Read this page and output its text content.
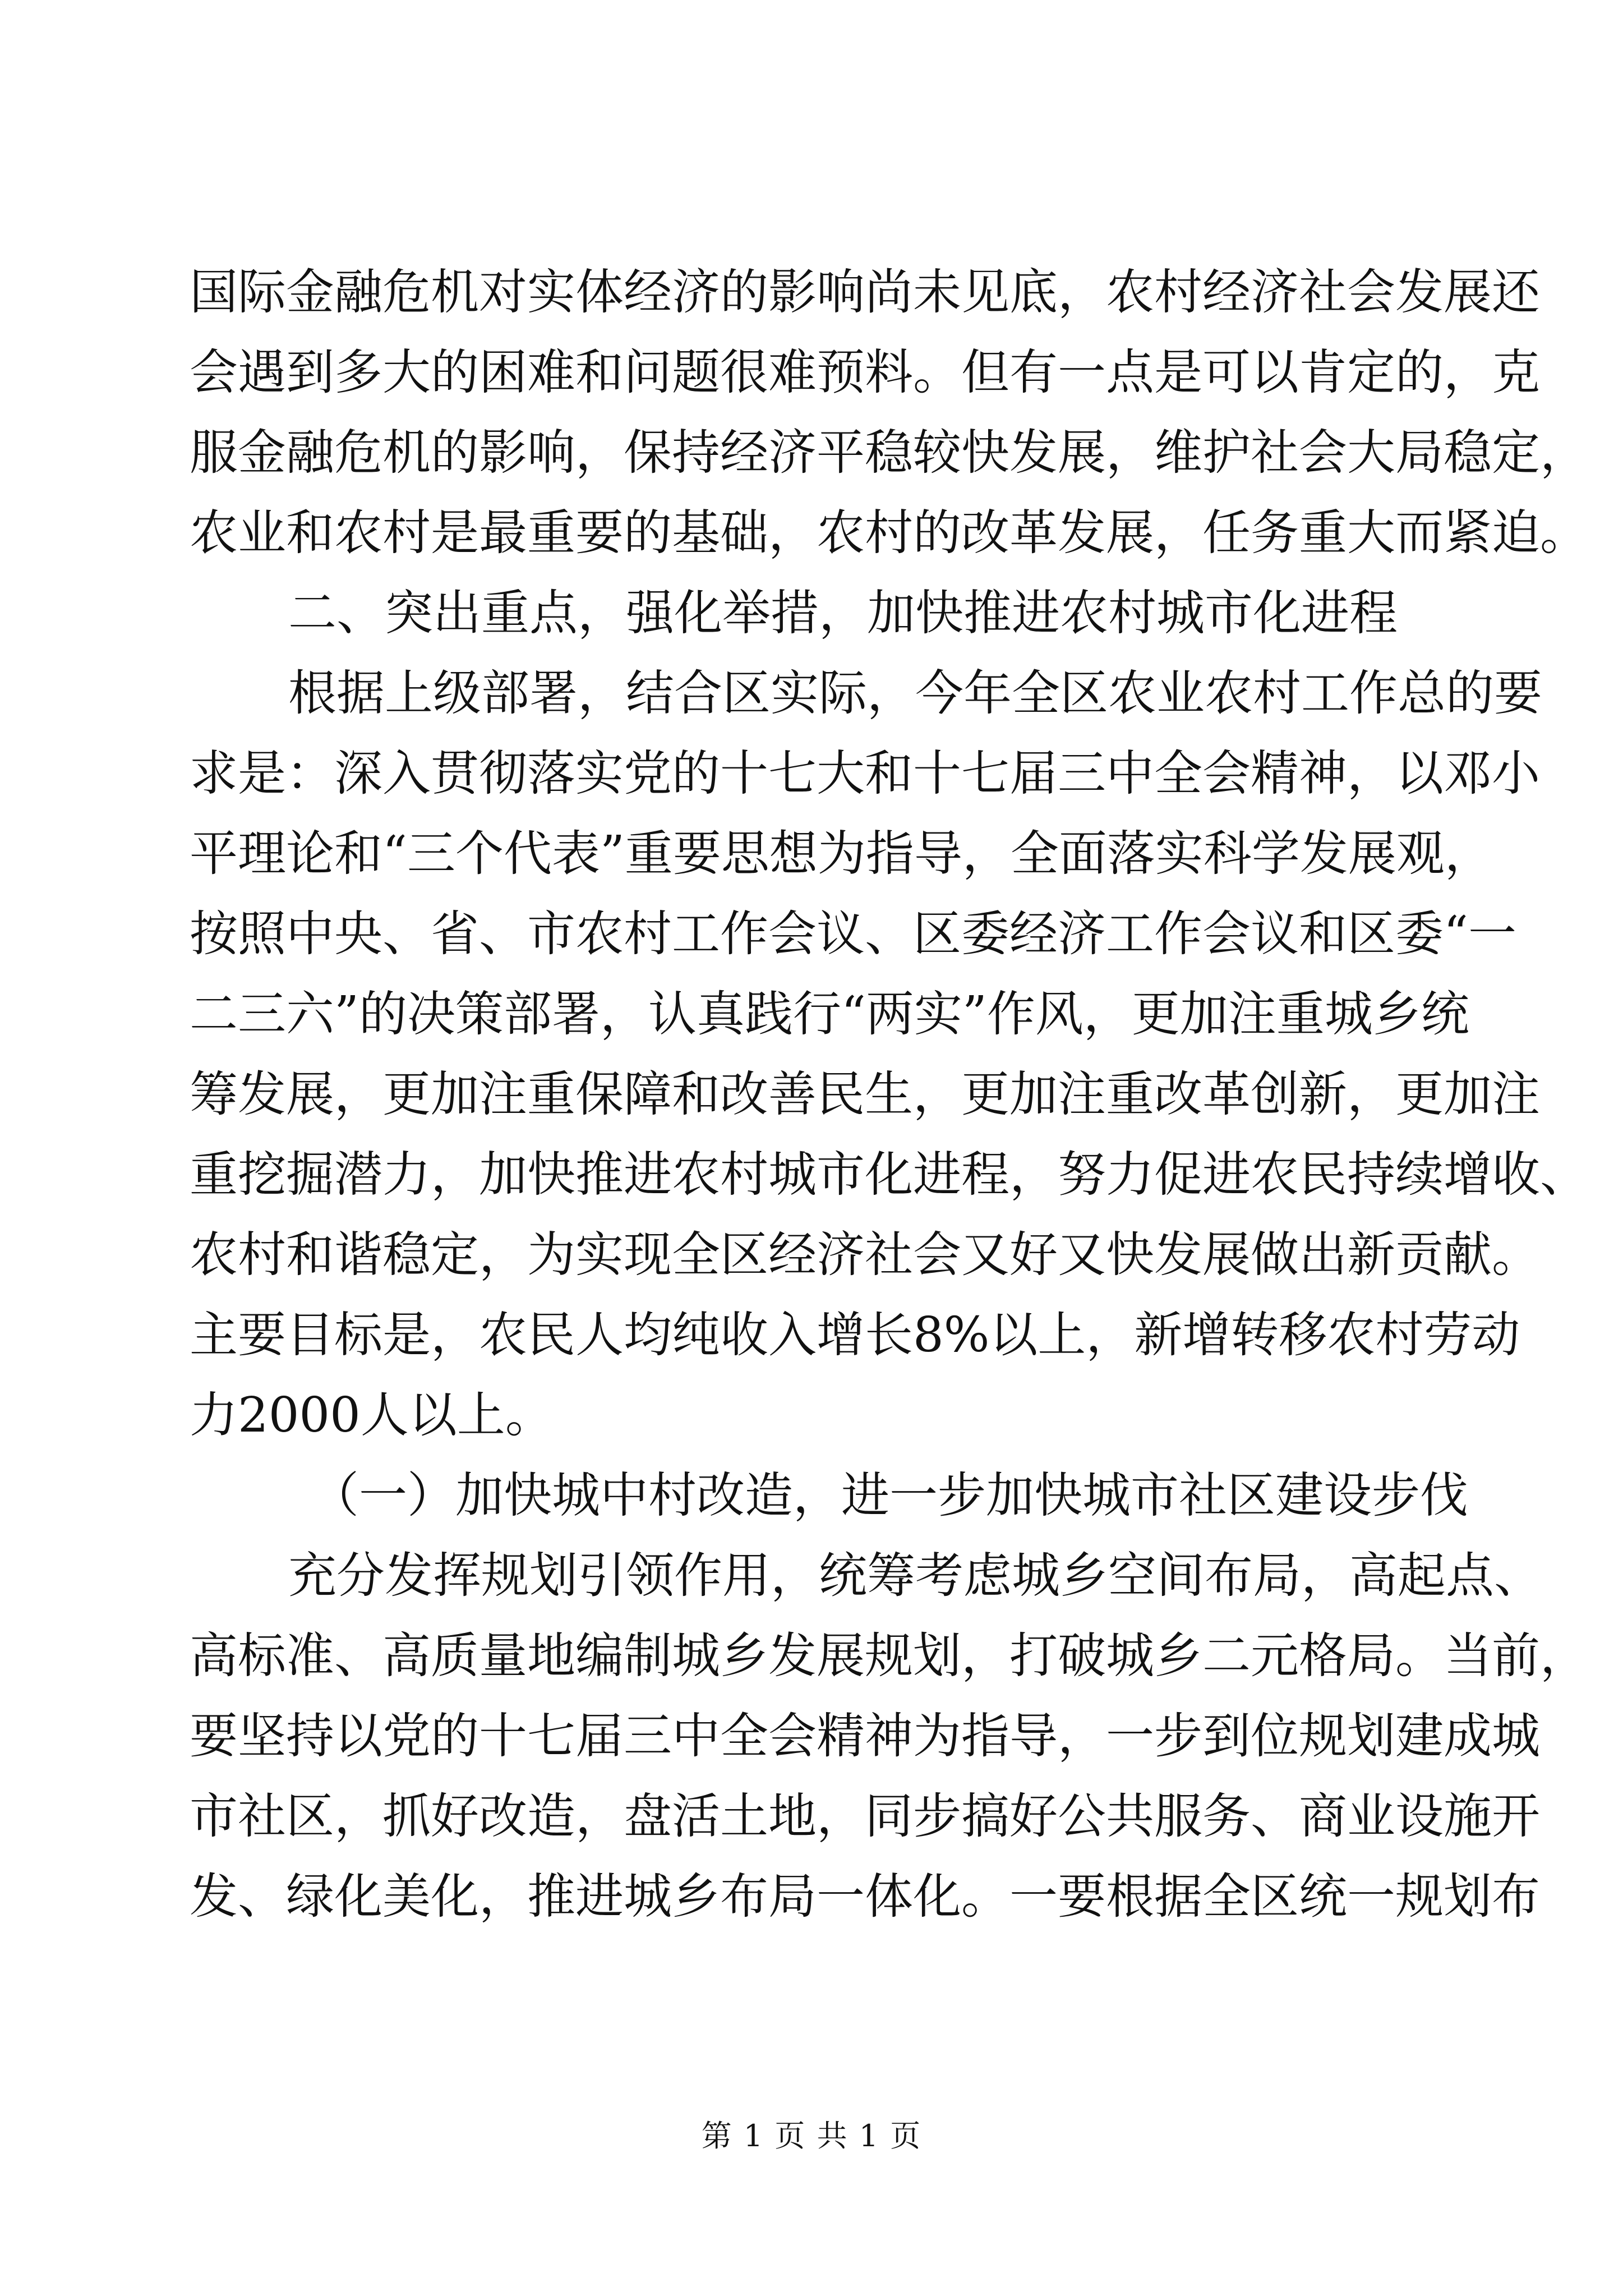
国际金融危机对实体经济的影响尚未见底，农村经济社会发展还
会遇到多大的困难和问题很难预料。但有一点是可以肯定的，克
服金融危机的影响，保持经济平稳较快发展，维护社会大局稳定，
农业和农村是最重要的基础，农村的改革发展，任务重大而紧迫。
二、突出重点，强化举措，加快推进农村城市化进程
根据上级部署，结合区实际，今年全区农业农村工作总的要
求是：深入贯彻落实党的十七大和十七届三中全会精神，以邓小
平理论和“三个代表”重要思想为指导，全面落实科学发展观，
按照中央、省、市农村工作会议、区委经济工作会议和区委“一
二三六”的决策部署，认真践行“两实”作风，更加注重城乡统
筹发展，更加注重保障和改善民生，更加注重改革创新，更加注
重挖掘潜力，加快推进农村城市化进程，努力促进农民持续增收、
农村和谐稳定，为实现全区经济社会又好又快发展做出新贡献。
主要目标是，农民人均纯收入增长8%以上，新增转移农村劳动
力2000人以上。
（一）加快城中村改造，进一步加快城市社区建设步伐
充分发挥规划引领作用，统筹考虑城乡空间布局，高起点、
高标准、高质量地编制城乡发展规划，打破城乡二元格局。当前，
要坚持以党的十七届三中全会精神为指导，一步到位规划建成城
市社区，抓好改造，盘活土地，同步搞好公共服务、商业设施开
发、绿化美化，推进城乡布局一体化。一要根据全区统一规划布
第 1 页 共 1 页
